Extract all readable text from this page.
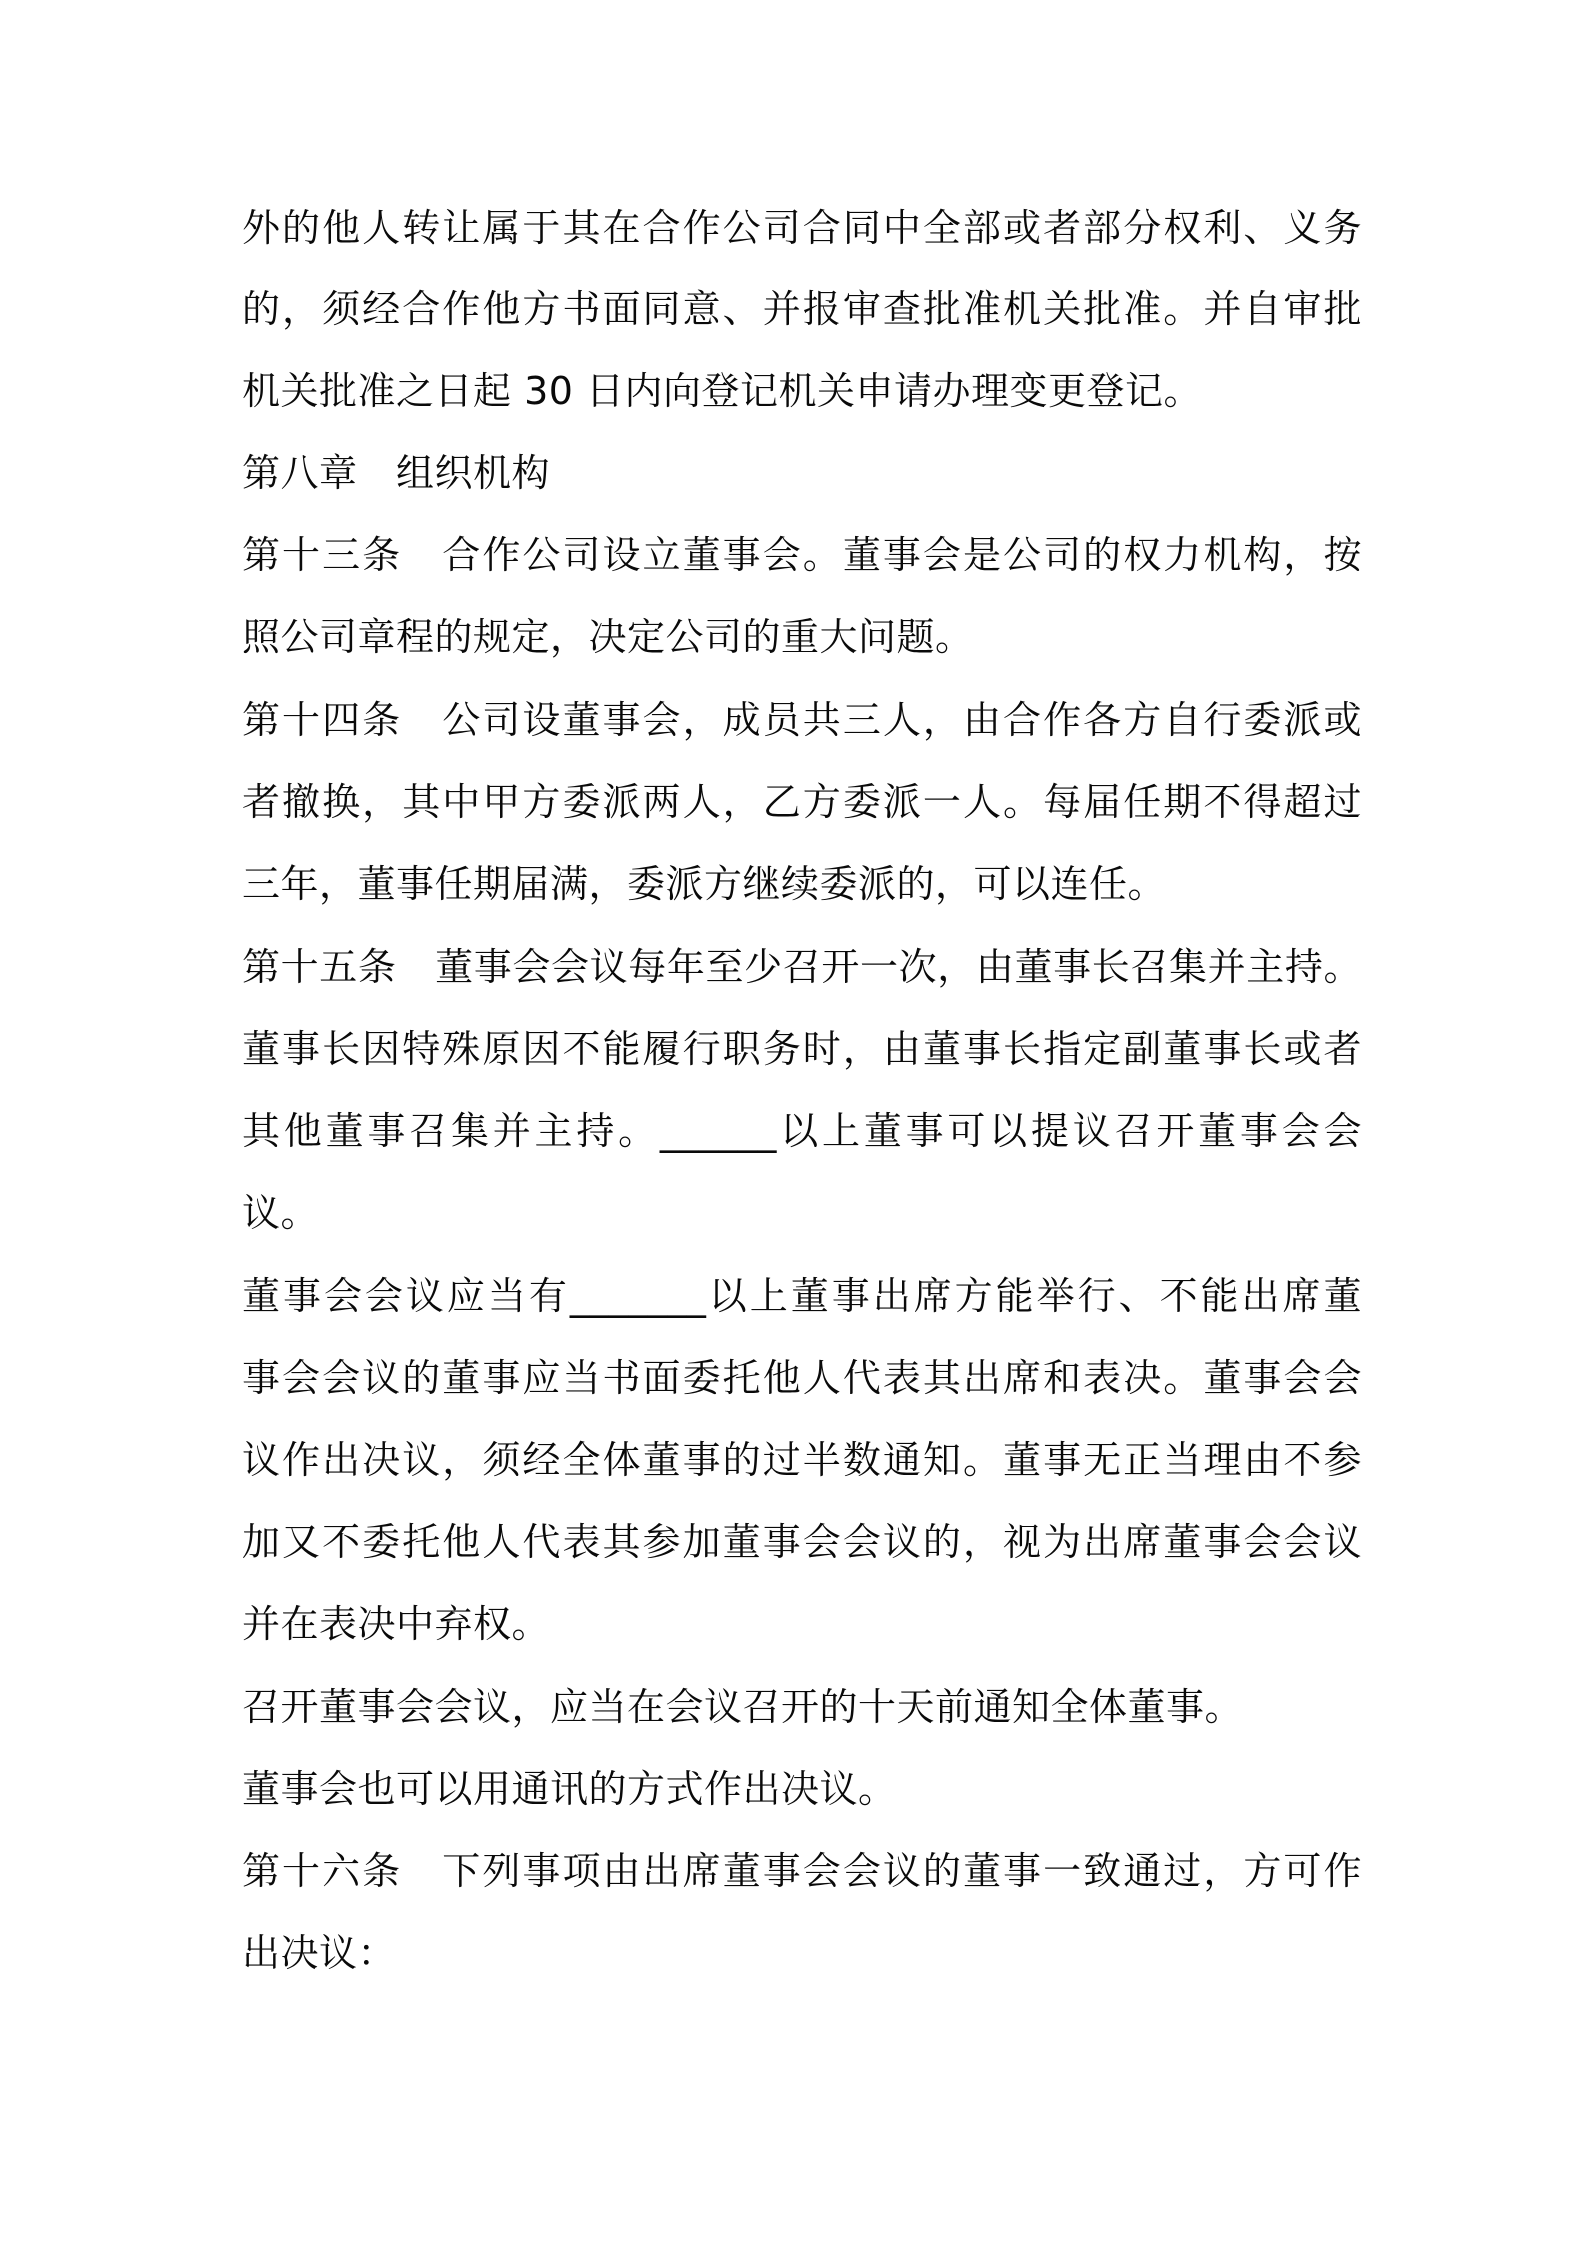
外的他人转让属于其在合作公司合同中全部或者部分权利、义务
的，须经合作他方书面同意、并报审查批准机关批准。并自审批
机关批准之日起 30 日内向登记机关申请办理变更登记。
第八章　组织机构
第十三条　合作公司设立董事会。董事会是公司的权力机构，按
照公司章程的规定，决定公司的重大问题。
第十四条　公司设董事会，成员共三人，由合作各方自行委派或
者撤换，其中甲方委派两人，乙方委派一人。每届任期不得超过
三年，董事任期届满，委派方继续委派的，可以连任。
第十五条　董事会会议每年至少召开一次，由董事长召集并主持。
董事长因特殊原因不能履行职务时，由董事长指定副董事长或者
其他董事召集并主持。______以上董事可以提议召开董事会会
议。
董事会会议应当有_______以上董事出席方能举行、不能出席董
事会会议的董事应当书面委托他人代表其出席和表决。董事会会
议作出决议，须经全体董事的过半数通知。董事无正当理由不参
加又不委托他人代表其参加董事会会议的，视为出席董事会会议
并在表决中弃权。
召开董事会会议，应当在会议召开的十天前通知全体董事。
董事会也可以用通讯的方式作出决议。
第十六条　下列事项由出席董事会会议的董事一致通过，方可作
出决议：
